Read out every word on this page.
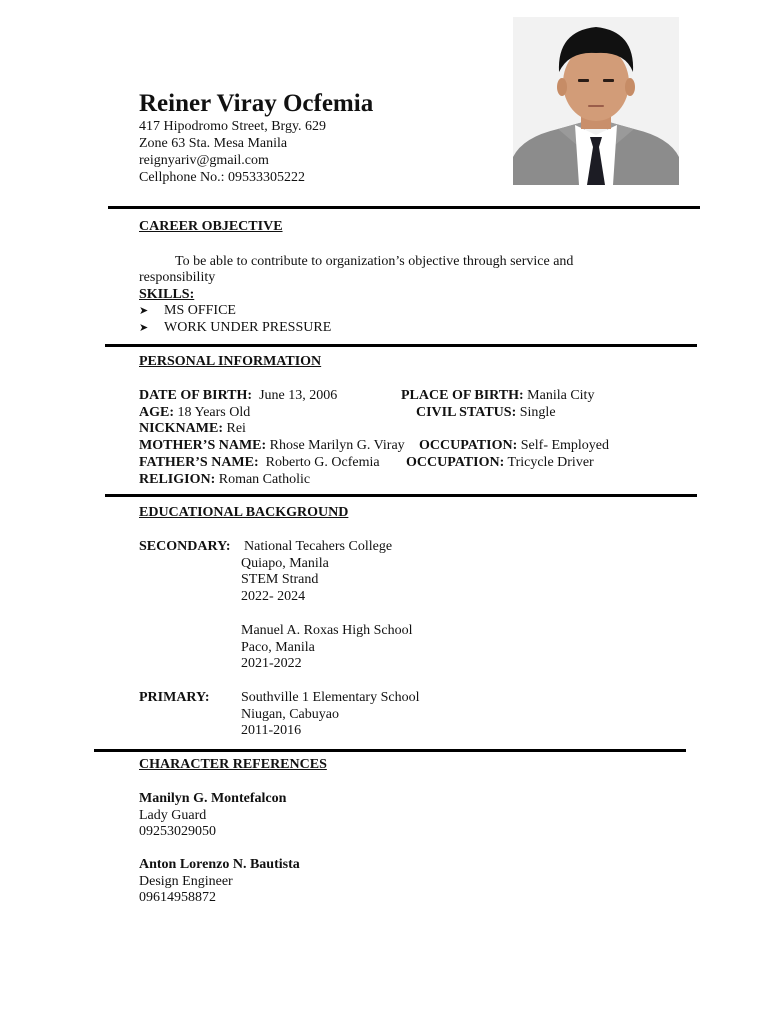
Reiner Viray Ocfemia
417 Hipodromo Street, Brgy. 629
Zone 63 Sta. Mesa Manila
reignyariv@gmail.com
Cellphone No.: 09533305222
CAREER OBJECTIVE
To be able to contribute to organization’s objective through service and
responsibility
SKILLS:
➤ MS OFFICE
➤ WORK UNDER PRESSURE
PERSONAL INFORMATION
DATE OF BIRTH: June 13, 2006	PLACE OF BIRTH: Manila City
AGE: 18 Years Old	CIVIL STATUS: Single
NICKNAME: Rei
MOTHER’S NAME: Rhose Marilyn G. Viray OCCUPATION: Self- Employed
FATHER’S NAME: Roberto G. Ocfemia OCCUPATION: Tricycle Driver
RELIGION: Roman Catholic
EDUCATIONAL BACKGROUND
SECONDARY: National Tecahers College
Quiapo, Manila
STEM Strand
2022- 2024
Manuel A. Roxas High School
Paco, Manila
2021-2022
PRIMARY: Southville 1 Elementary School
Niugan, Cabuyao
2011-2016
CHARACTER REFERENCES
Manilyn G. Montefalcon
Lady Guard
09253029050
Anton Lorenzo N. Bautista
Design Engineer
09614958872
